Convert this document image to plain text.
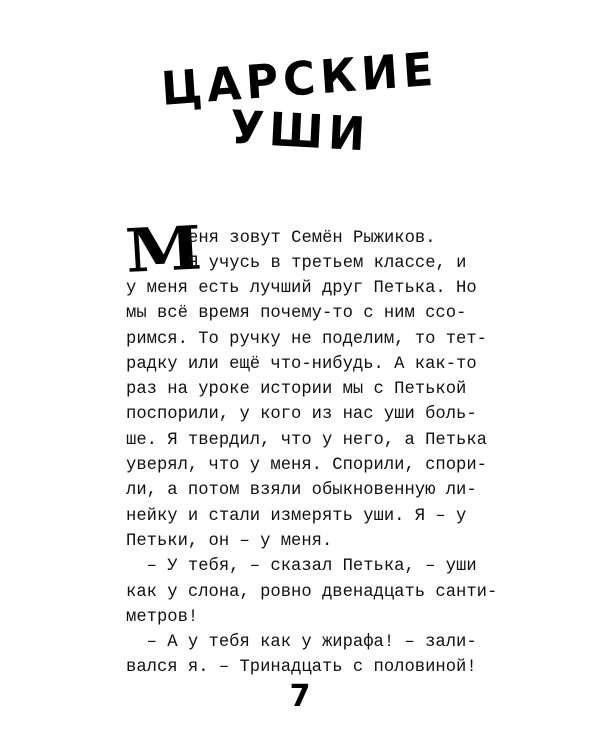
ЦАРСКИЕ
УШИ
М
еня зовут Семён Рыжиков.
Я учусь в третьем классе, и
у меня есть лучший друг Петька. Но
мы всё время почему-то с ним ссо-
римся. То ручку не поделим, то тет-
радку или ещё что-нибудь. А как-то
раз на уроке истории мы с Петькой
поспорили, у кого из нас уши боль-
ше. Я твердил, что у него, а Петька
уверял, что у меня. Спорили, спори-
ли, а потом взяли обыкновенную ли-
нейку и стали измерять уши. Я – у
Петьки, он – у меня.
– У тебя, – сказал Петька, – уши
как у слона, ровно двенадцать санти-
метров!
– А у тебя как у жирафа! – зали-
вался я. – Тринадцать с половиной!
7
